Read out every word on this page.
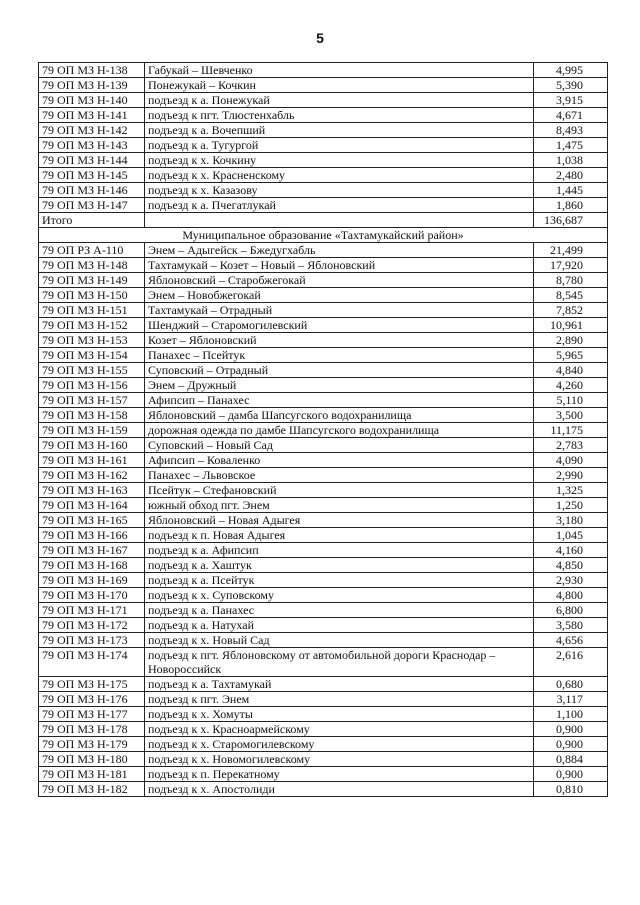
5
79 ОП МЗ Н-138	Габукай – Шевченко	4,995
79 ОП МЗ Н-139	Понежукай – Кочкин	5,390
79 ОП МЗ Н-140	подъезд к а. Понежукай	3,915
79 ОП МЗ Н-141	подъезд к пгт. Тлюстенхабль	4,671
79 ОП МЗ Н-142	подъезд к а. Вочепший	8,493
79 ОП МЗ Н-143	подъезд к а. Тугургой	1,475
79 ОП МЗ Н-144	подъезд к х. Кочкину	1,038
79 ОП МЗ Н-145	подъезд к х. Красненскому	2,480
79 ОП МЗ Н-146	подъезд к х. Казазову	1,445
79 ОП МЗ Н-147	подъезд к а. Пчегатлукай	1,860
Итого		136,687
Муниципальное образование «Тахтамукайский район»		
79 ОП РЗ А-110	Энем – Адыгейск – Бжедугхабль	21,499
79 ОП МЗ Н-148	Тахтамукай – Козет – Новый – Яблоновский	17,920
79 ОП МЗ Н-149	Яблоновский – Старобжегокай	8,780
79 ОП МЗ Н-150	Энем – Новобжегокай	8,545
79 ОП МЗ Н-151	Тахтамукай – Отрадный	7,852
79 ОП МЗ Н-152	Шенджий – Старомогилевский	10,961
79 ОП МЗ Н-153	Козет – Яблоновский	2,890
79 ОП МЗ Н-154	Панахес – Псейтук	5,965
79 ОП МЗ Н-155	Суповский – Отрадный	4,840
79 ОП МЗ Н-156	Энем – Дружный	4,260
79 ОП МЗ Н-157	Афипсип – Панахес	5,110
79 ОП МЗ Н-158	Яблоновский – дамба Шапсугского водохранилища	3,500
79 ОП МЗ Н-159	дорожная одежда по дамбе Шапсугского водохранилища	11,175
79 ОП МЗ Н-160	Суповский – Новый Сад	2,783
79 ОП МЗ Н-161	Афипсип – Коваленко	4,090
79 ОП МЗ Н-162	Панахес – Львовское	2,990
79 ОП МЗ Н-163	Псейтук – Стефановский	1,325
79 ОП МЗ Н-164	южный обход пгт. Энем	1,250
79 ОП МЗ Н-165	Яблоновский – Новая Адыгея	3,180
79 ОП МЗ Н-166	подъезд к п. Новая Адыгея	1,045
79 ОП МЗ Н-167	подъезд к а. Афипсип	4,160
79 ОП МЗ Н-168	подъезд к а. Хаштук	4,850
79 ОП МЗ Н-169	подъезд к а. Псейтук	2,930
79 ОП МЗ Н-170	подъезд к х. Суповскому	4,800
79 ОП МЗ Н-171	подъезд к а. Панахес	6,800
79 ОП МЗ Н-172	подъезд к а. Натухай	3,580
79 ОП МЗ Н-173	подъезд к х. Новый Сад	4,656
79 ОП МЗ Н-174	подъезд к пгт. Яблоновскому от автомобильной дороги Краснодар – Новороссийск	2,616
79 ОП МЗ Н-175	подъезд к а. Тахтамукай	0,680
79 ОП МЗ Н-176	подъезд к пгт. Энем	3,117
79 ОП МЗ Н-177	подъезд к х. Хомуты	1,100
79 ОП МЗ Н-178	подъезд к х. Красноармейскому	0,900
79 ОП МЗ Н-179	подъезд к х. Старомогилевскому	0,900
79 ОП МЗ Н-180	подъезд к х. Новомогилевскому	0,884
79 ОП МЗ Н-181	подъезд к п. Перекатному	0,900
79 ОП МЗ Н-182	подъезд к х. Апостолиди	0,810
